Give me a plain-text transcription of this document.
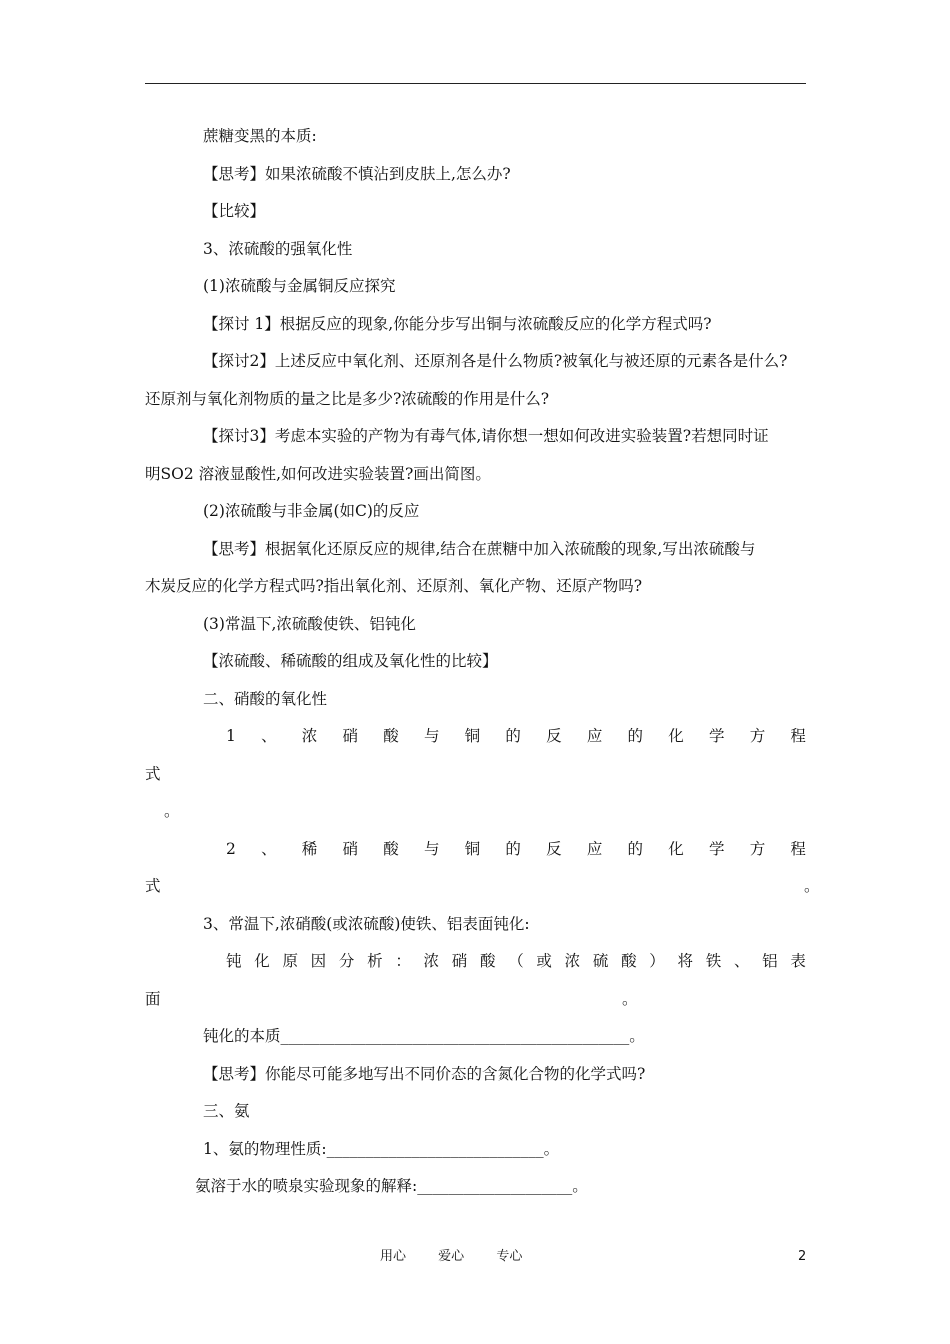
蔗糖变黑的本质:
【思考】如果浓硫酸不慎沾到皮肤上,怎么办?
【比较】
3、浓硫酸的强氧化性
(1)浓硫酸与金属铜反应探究
【探讨 1】根据反应的现象,你能分步写出铜与浓硫酸反应的化学方程式吗?
【探讨2】上述反应中氧化剂、还原剂各是什么物质?被氧化与被还原的元素各是什么?
还原剂与氧化剂物质的量之比是多少?浓硫酸的作用是什么?
【探讨3】考虑本实验的产物为有毒气体,请你想一想如何改进实验装置?若想同时证
明SO2 溶液显酸性,如何改进实验装置?画出简图。
(2)浓硫酸与非金属(如C)的反应
【思考】根据氧化还原反应的规律,结合在蔗糖中加入浓硫酸的现象,写出浓硫酸与
木炭反应的化学方程式吗?指出氧化剂、还原剂、氧化产物、还原产物吗?
(3)常温下,浓硫酸使铁、铝钝化
【浓硫酸、稀硫酸的组成及氧化性的比较】
二、硝酸的氧化性
1 、 浓 硝 酸 与 铜 的 反 应 的 化 学 方 程
式
。
2 、 稀 硝 酸 与 铜 的 反 应 的 化 学 方 程
式	。
3、常温下,浓硝酸(或浓硫酸)使铁、铝表面钝化:
钝 化 原 因 分 析 ： 浓 硝 酸 （ 或 浓 硫 酸 ） 将 铁 、 铝 表
面	。
钝化的本质_____________________________________________。
【思考】你能尽可能多地写出不同价态的含氮化合物的化学式吗?
三、氨
1、氨的物理性质:____________________________。
氨溶于水的喷泉实验现象的解释:____________________。
用心 爱心 专心	2
